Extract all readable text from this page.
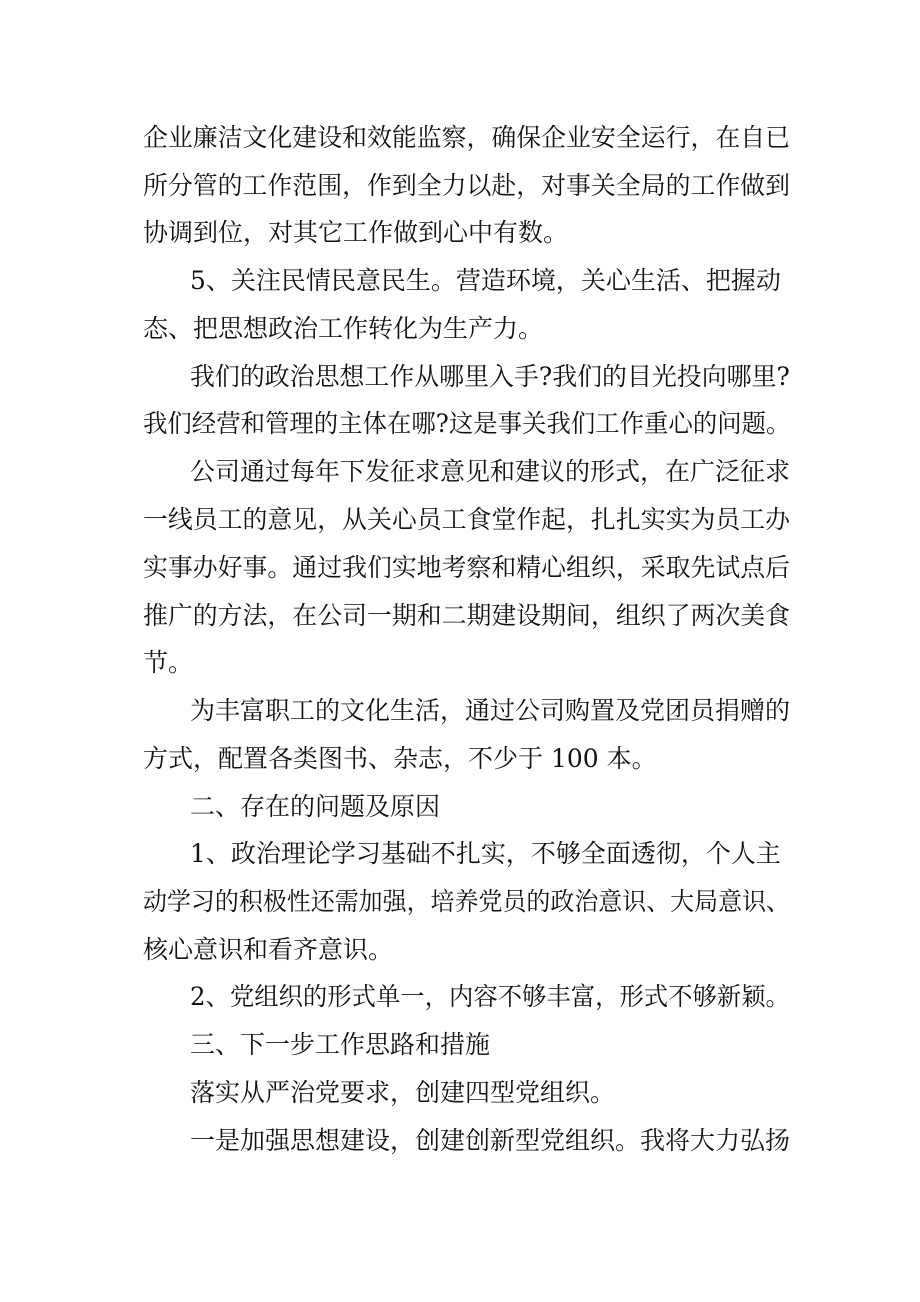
企业廉洁文化建设和效能监察，确保企业安全运行，在自已
所分管的工作范围，作到全力以赴，对事关全局的工作做到
协调到位，对其它工作做到心中有数。
5、关注民情民意民生。营造环境，关心生活、把握动
态、把思想政治工作转化为生产力。
我们的政治思想工作从哪里入手?我们的目光投向哪里?
我们经营和管理的主体在哪?这是事关我们工作重心的问题。
公司通过每年下发征求意见和建议的形式，在广泛征求
一线员工的意见，从关心员工食堂作起，扎扎实实为员工办
实事办好事。通过我们实地考察和精心组织，采取先试点后
推广的方法，在公司一期和二期建设期间，组织了两次美食
节。
为丰富职工的文化生活，通过公司购置及党团员捐赠的
方式，配置各类图书、杂志，不少于 100 本。
二、存在的问题及原因
1、政治理论学习基础不扎实，不够全面透彻，个人主
动学习的积极性还需加强，培养党员的政治意识、大局意识、
核心意识和看齐意识。
2、党组织的形式单一，内容不够丰富，形式不够新颖。
三、下一步工作思路和措施
落实从严治党要求，创建四型党组织。
一是加强思想建设，创建创新型党组织。我将大力弘扬
